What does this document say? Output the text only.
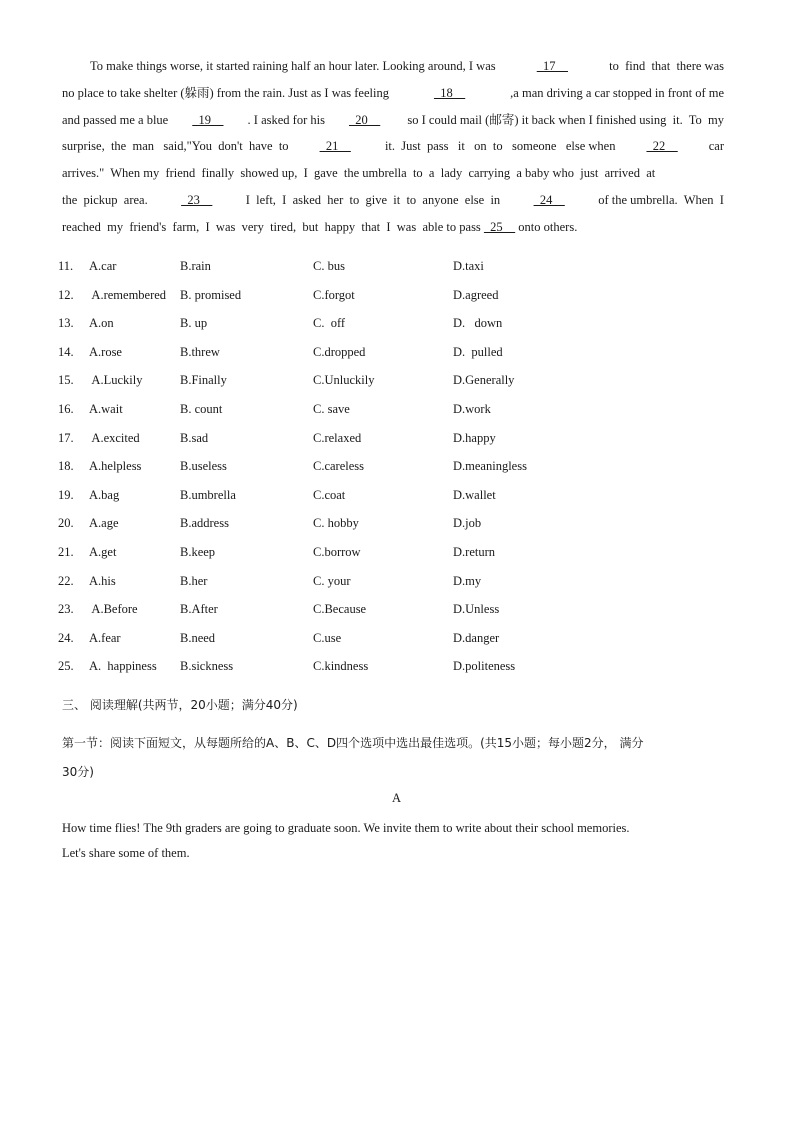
To make things worse, it started raining half an hour later. Looking around, I was	17	to  find  that  there was
no place to take shelter (躲雨) from the rain. Just as I was feeling	18	,a man driving a car stopped in front of me
and passed me a blue 19 . I asked for his 20 so I could mail (邮寄) it back when I finished using  it.  To  my
surprise,  the  man   said,"You  don't  have  to 21 it.  Just  pass   it   on  to   someone   else when 22 car
arrives."  When my  friend  finally  showed up,  I  gave  the umbrella  to  a  lady  carrying  a baby who  just  arrived  at
the  pickup  area. 23 I  left,  I  asked  her  to  give  it  to  anyone  else  in 24 of the umbrella.  When  I
reached  my  friend's  farm,  I  was  very  tired,  but  happy  that  I  was  able to pass 25 onto others.
11. A.car	B.rain	C. bus	D.taxi
12. A.remembered B. promised	C.forgot	D.agreed
13. A.on	B. up	C.  off	D.   down
14. A.rose	B.threw	C.dropped	D.  pulled
15. A.Luckily	B.Finally	C.Unluckily	D.Generally
16. A.wait	B. count	C. save	D.work
17. A.excited	B.sad	C.relaxed	D.happy
18. A.helpless	B.useless	C.careless	D.meaningless
19. A.bag	B.umbrella	C.coat	D.wallet
20. A.age	B.address	C. hobby	D.job
21. A.get	B.keep	C.borrow	D.return
22. A.his	B.her	C. your	D.my
23. A.Before	B.After	C.Because	D.Unless
24. A.fear	B.need	C.use	D.danger
25. A.  happiness B.sickness	C.kindness	D.politeness
三、 阅读理解(共两节，20小题；满分40分)
第一节：阅读下面短文，从每题所给的A、B、C、D四个选项中选出最佳选项。(共15小题；每小题2分， 满分
30分)
A
How time flies! The 9th graders are going to graduate soon. We invite them to write about their school memories.
Let's share some of them.
